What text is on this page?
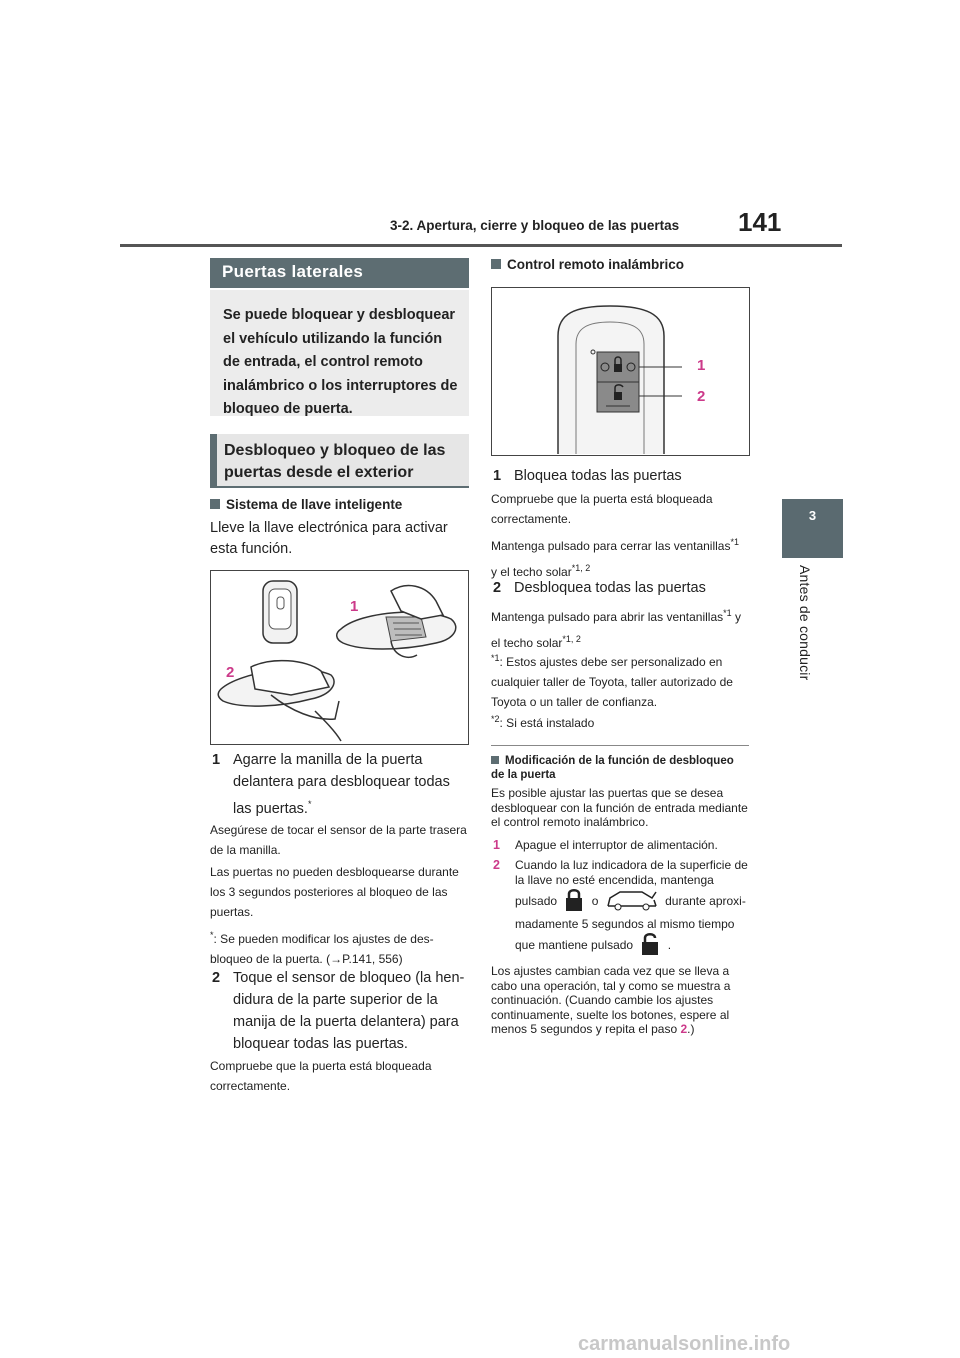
3-2. Apertura, cierre y bloqueo de las puertas 141
3
Antes de conducir
Puertas laterales
Se puede bloquear y desbloquear el vehículo utilizando la función de entrada, el control remoto inalámbrico o los interruptores de bloqueo de puerta.
Desbloqueo y bloqueo de las puertas desde el exterior
Sistema de llave inteligente
Lleve la llave electrónica para activar esta función.
1
2
1 Agarre la manilla de la puerta delantera para desbloquear todas las puertas.*
Asegúrese de tocar el sensor de la parte trasera de la manilla.
Las puertas no pueden desbloquearse durante los 3 segundos posteriores al bloqueo de las puertas.
*: Se pueden modificar los ajustes de desbloqueo de la puerta. (→P.141, 556)
2 Toque el sensor de bloqueo (la hendidura de la parte superior de la manija de la puerta delantera) para bloquear todas las puertas.
Compruebe que la puerta está bloqueada correctamente.
Control remoto inalámbrico
1
2
1 Bloquea todas las puertas
Compruebe que la puerta está bloqueada correctamente.
Mantenga pulsado para cerrar las ventanillas$^{*1}$ y el techo solar$^{*1, 2}$
2 Desbloquea todas las puertas
Mantenga pulsado para abrir las ventanillas$^{*1}$ y el techo solar$^{*1, 2}$
$^{*1}$: Estos ajustes debe ser personalizado en cualquier taller de Toyota, taller autorizado de Toyota o un taller de confianza.
$^{*2}$: Si está instalado
Modificación de la función de desbloqueo de la puerta
Es posible ajustar las puertas que se desea desbloquear con la función de entrada mediante el control remoto inalámbrico.
1 Apague el interruptor de alimentación.
2 Cuando la luz indicadora de la superficie de la llave no esté encendida, mantenga pulsado	o	durante aproximadamente 5 segundos al mismo tiempo que mantiene pulsado	.
Los ajustes cambian cada vez que se lleva a cabo una operación, tal y como se muestra a continuación. (Cuando cambie los ajustes continuamente, suelte los botones, espere al menos 5 segundos y repita el paso 2.)
carmanualsonline.info
